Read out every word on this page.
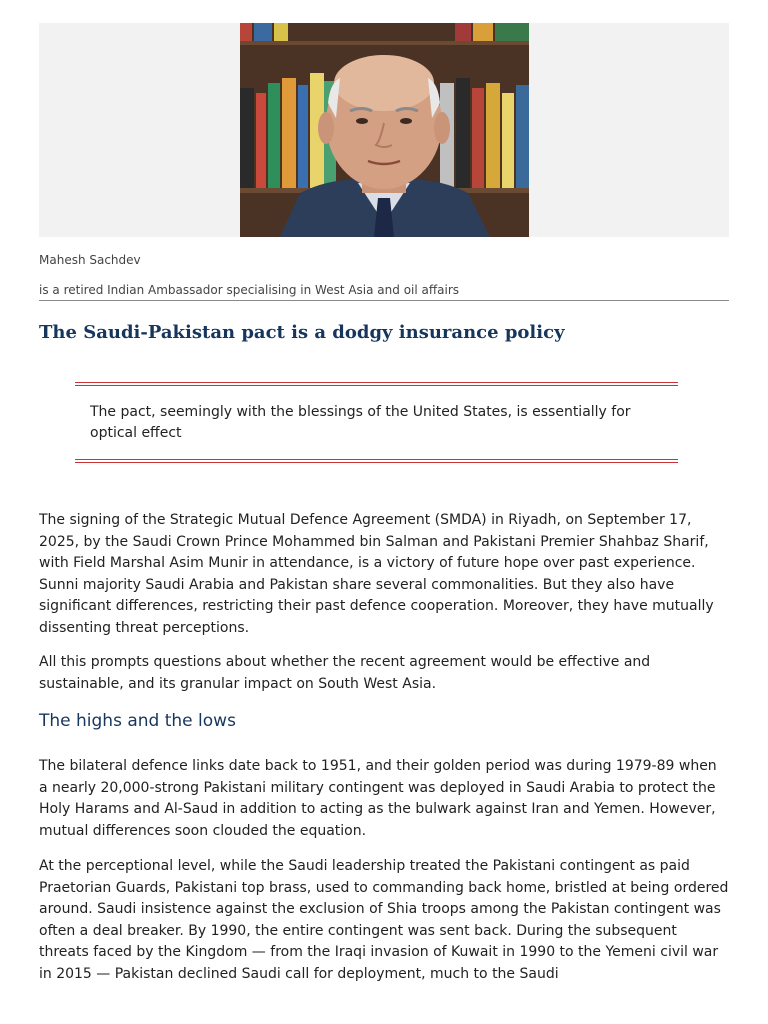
Mahesh Sachdev
is a retired Indian Ambassador specialising in West Asia and oil affairs
The Saudi-Pakistan pact is a dodgy insurance policy
The pact, seemingly with the blessings of the United States, is essentially for optical effect

The signing of the Strategic Mutual Defence Agreement (SMDA) in Riyadh, on September 17, 2025, by the Saudi Crown Prince Mohammed bin Salman and Pakistani Premier Shahbaz Sharif, with Field Marshal Asim Munir in attendance, is a victory of future hope over past experience. Sunni majority Saudi Arabia and Pakistan share several commonalities. But they also have significant differences, restricting their past defence cooperation. Moreover, they have mutually dissenting threat perceptions.

All this prompts questions about whether the recent agreement would be effective and sustainable, and its granular impact on South West Asia.

The highs and the lows

The bilateral defence links date back to 1951, and their golden period was during 1979-89 when a nearly 20,000-strong Pakistani military contingent was deployed in Saudi Arabia to protect the Holy Harams and Al-Saud in addition to acting as the bulwark against Iran and Yemen. However, mutual differences soon clouded the equation.

At the perceptional level, while the Saudi leadership treated the Pakistani contingent as paid Praetorian Guards, Pakistani top brass, used to commanding back home, bristled at being ordered around. Saudi insistence against the exclusion of Shia troops among the Pakistan contingent was often a deal breaker. By 1990, the entire contingent was sent back. During the subsequent threats faced by the Kingdom — from the Iraqi invasion of Kuwait in 1990 to the Yemeni civil war in 2015 — Pakistan declined Saudi call for deployment, much to the Saudi
